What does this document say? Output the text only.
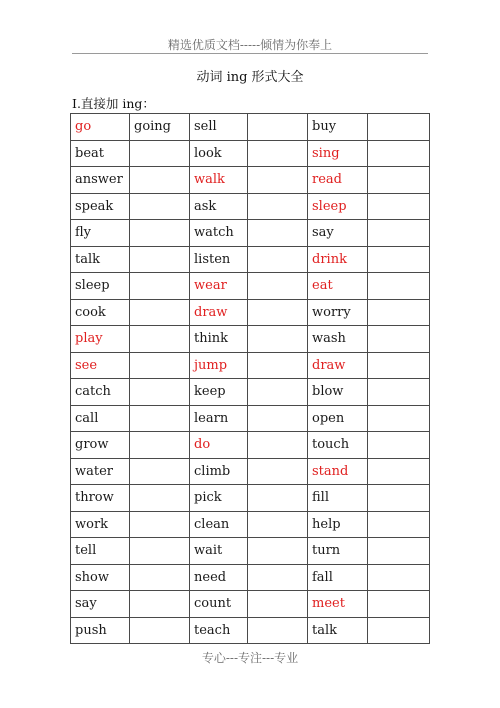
精选优质文档-----倾情为你奉上
动词 ing 形式大全
Ⅰ.直接加 ing：
go	going	sell		buy	
beat		look		sing	
answer		walk		read	
speak		ask		sleep	
fly		watch		say	
talk		listen		drink	
sleep		wear		eat	
cook		draw		worry	
play		think		wash	
see		jump		draw	
catch		keep		blow	
call		learn		open	
grow		do		touch	
water		climb		stand	
throw		pick		fill	
work		clean		help	
tell		wait		turn	
show		need		fall	
say		count		meet	
push		teach		talk	
专心---专注---专业
